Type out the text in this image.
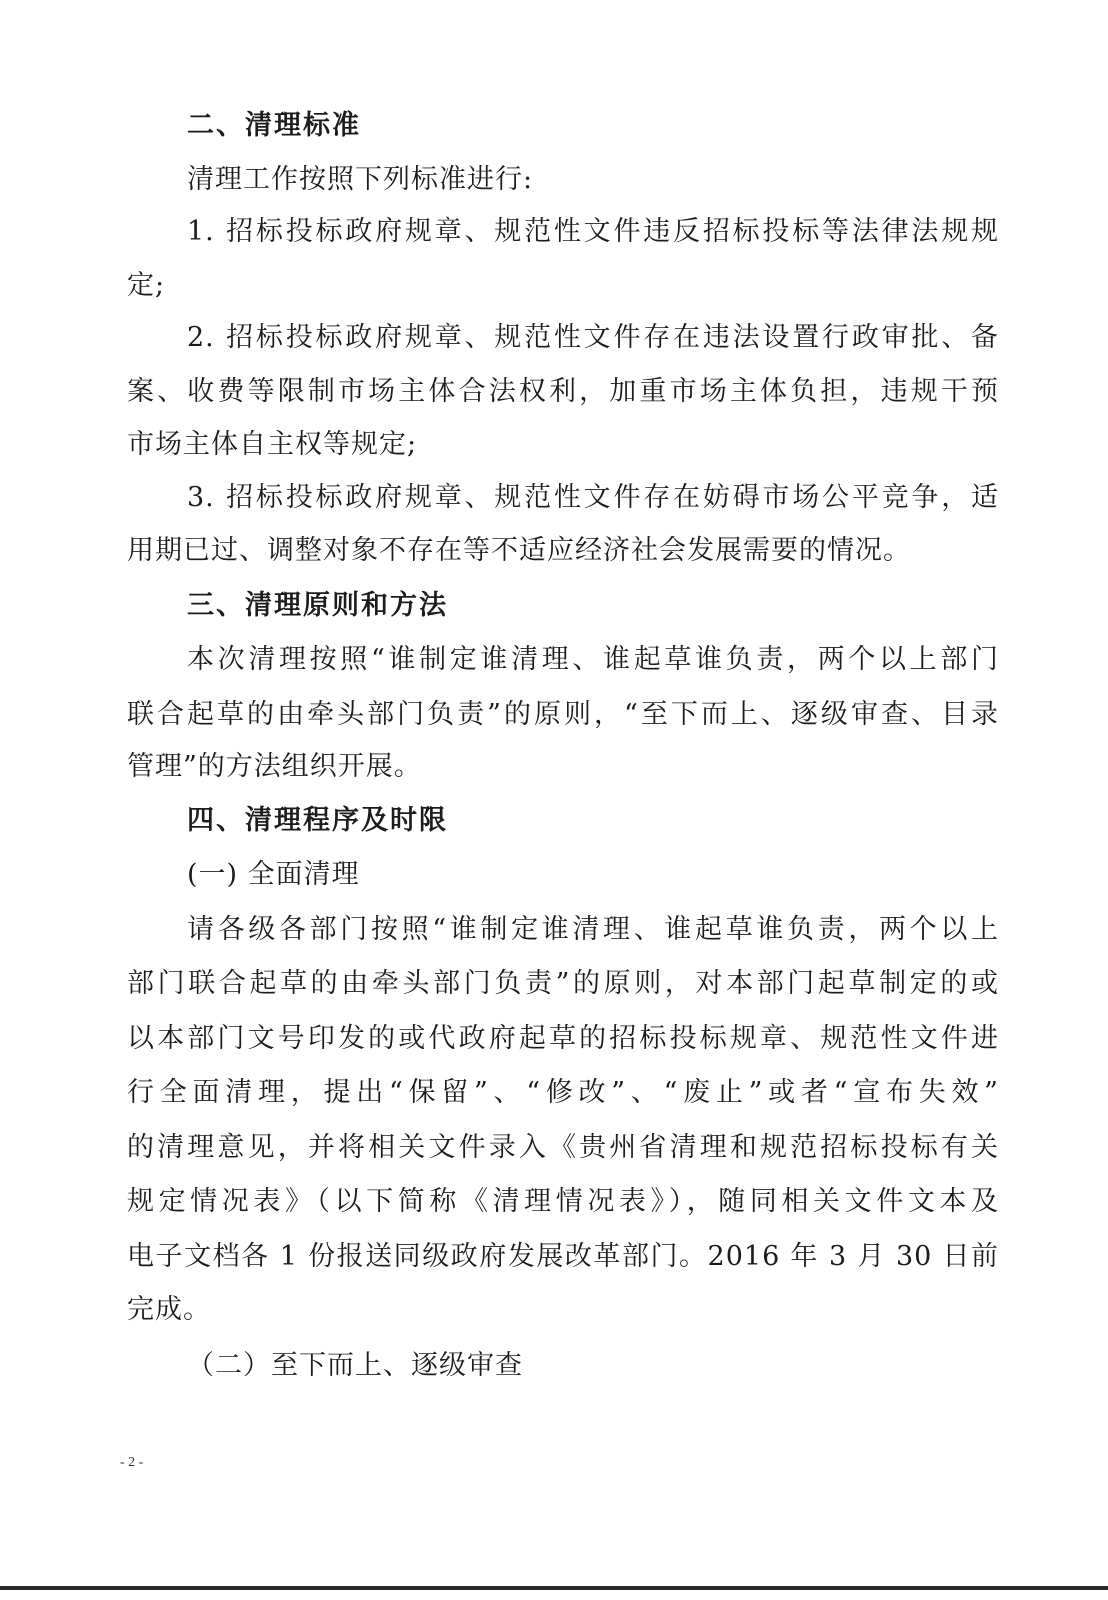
二、清理标准
清理工作按照下列标准进行:
1. 招标投标政府规章、规范性文件违反招标投标等法律法规规
定;
2. 招标投标政府规章、规范性文件存在违法设置行政审批、备
案、收费等限制市场主体合法权利，加重市场主体负担，违规干预
市场主体自主权等规定;
3. 招标投标政府规章、规范性文件存在妨碍市场公平竞争，适
用期已过、调整对象不存在等不适应经济社会发展需要的情况。
三、清理原则和方法
本次清理按照“谁制定谁清理、谁起草谁负责，两个以上部门
联合起草的由牵头部门负责”的原则，“至下而上、逐级审查、目录
管理”的方法组织开展。
四、清理程序及时限
(一) 全面清理
请各级各部门按照“谁制定谁清理、谁起草谁负责，两个以上
部门联合起草的由牵头部门负责”的原则，对本部门起草制定的或
以本部门文号印发的或代政府起草的招标投标规章、规范性文件进
行全面清理，提出“保留”、“修改”、“废止”或者“宣布失效”
的清理意见，并将相关文件录入《贵州省清理和规范招标投标有关
规定情况表》（以下简称《清理情况表》），随同相关文件文本及
电子文档各 1 份报送同级政府发展改革部门。2016 年 3 月 30 日前
完成。
（二）至下而上、逐级审查
- 2 -
